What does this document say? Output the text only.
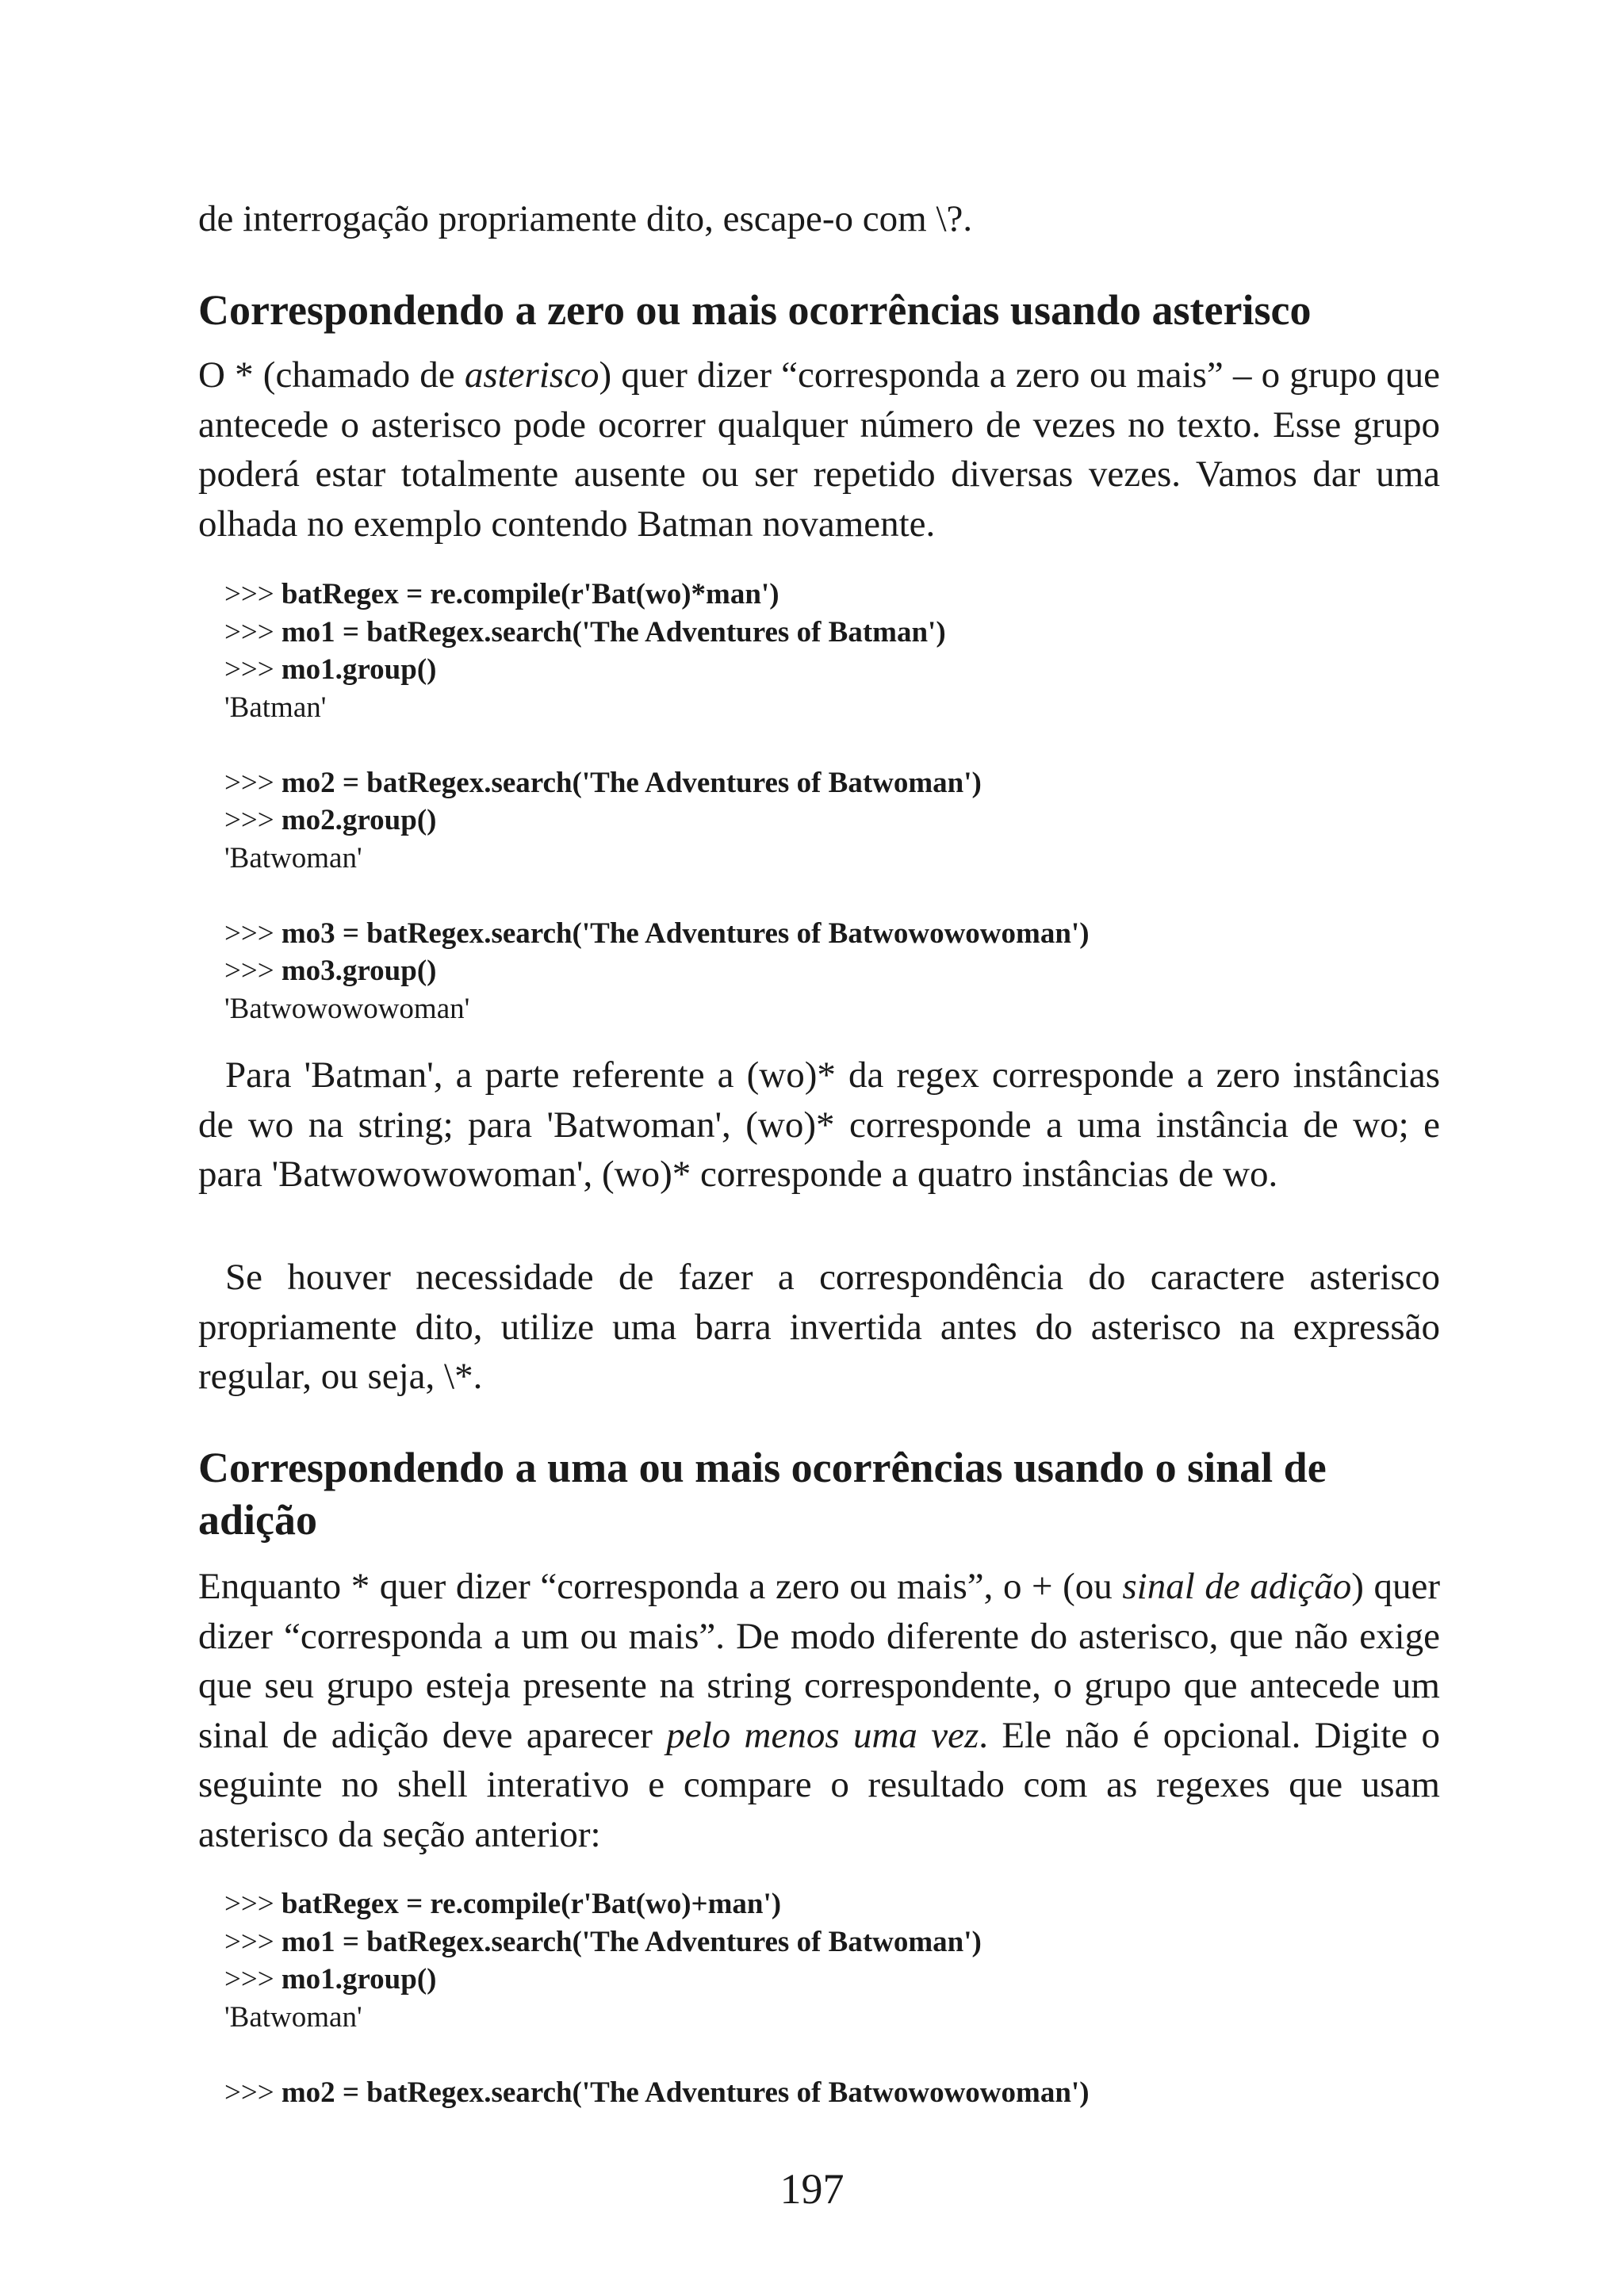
de interrogação propriamente dito, escape-o com \?.

Correspondendo a zero ou mais ocorrências usando asterisco

O * (chamado de asterisco) quer dizer “corresponda a zero ou mais” – o grupo que antecede o asterisco pode ocorrer qualquer número de vezes no texto. Esse grupo poderá estar totalmente ausente ou ser repetido diversas vezes. Vamos dar uma olhada no exemplo contendo Batman novamente.

>>> batRegex = re.compile(r'Bat(wo)*man')
>>> mo1 = batRegex.search('The Adventures of Batman')
>>> mo1.group()
'Batman'
>>> mo2 = batRegex.search('The Adventures of Batwoman')
>>> mo2.group()
'Batwoman'
>>> mo3 = batRegex.search('The Adventures of Batwowowowoman')
>>> mo3.group()
'Batwowowowoman'

Para 'Batman', a parte referente a (wo)* da regex corresponde a zero instâncias de wo na string; para 'Batwoman', (wo)* corresponde a uma instância de wo; e para 'Batwowowowoman', (wo)* corresponde a quatro instâncias de wo.

Se houver necessidade de fazer a correspondência do caractere asterisco propriamente dito, utilize uma barra invertida antes do asterisco na expressão regular, ou seja, \*.

Correspondendo a uma ou mais ocorrências usando o sinal de adição

Enquanto * quer dizer “corresponda a zero ou mais”, o + (ou sinal de adição) quer dizer “corresponda a um ou mais”. De modo diferente do asterisco, que não exige que seu grupo esteja presente na string correspondente, o grupo que antecede um sinal de adição deve aparecer pelo menos uma vez. Ele não é opcional. Digite o seguinte no shell interativo e compare o resultado com as regexes que usam asterisco da seção anterior:

>>> batRegex = re.compile(r'Bat(wo)+man')
>>> mo1 = batRegex.search('The Adventures of Batwoman')
>>> mo1.group()
'Batwoman'
>>> mo2 = batRegex.search('The Adventures of Batwowowowoman')
197
